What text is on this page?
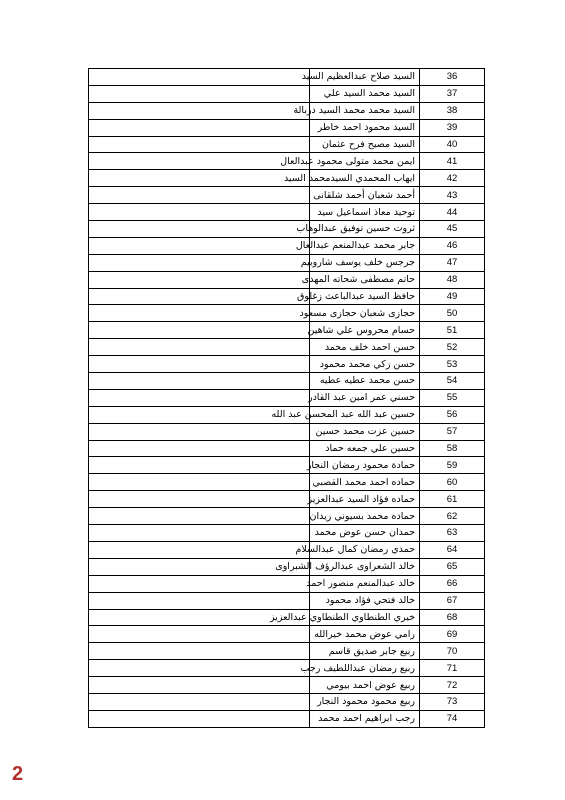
	السيد صلاح عبدالعظيم السيد	36
	السيد محمد السيد علي	37
	السيد محمد محمد السيد دربالة	38
	السيد محمود احمد خاطر	39
	السيد مصيح فرح عثمان	40
	ايمن محمد متولى محمود عبدالعال	41
	ايهاب المحمدي السيدمحمد السيد	42
	أحمد شعبان أحمد شلقانى	43
	توحيد معاذ اسماعيل سيد	44
	ثروت حسين توفيق عبدالوهاب	45
	جابر محمد عبدالمنعم عبدالعال	46
	جرجس خلف يوسف شاروبيم	47
	حاتم مصطفى شحاته المهدى	48
	حافظ السيد عبدالباعث زغلوق	49
	حجازى شعبان حجازى مسعود	50
	حسام محروس علي شاهين	51
	حسن احمد خلف محمد	52
	حسن زكي محمد محمود	53
	حسن محمد عطيه عطيه	54
	حسني عمر امين عبد القادر	55
	حسين عبد الله عبد المحسن عبد الله	56
	حسين عزت محمد حسين	57
	حسين علي جمعه حماد	58
	حمادة محمود رمضان النجار	59
	حماده احمد محمد القصبي	60
	حماده فؤاد السيد عبدالعزيز	61
	حماده محمد بسيوني زيدان	62
	حمدان حسن عوض محمد	63
	حمدي رمضان كمال عبدالسلام	64
	خالد الشعراوى عبدالرؤف الشبراوى	65
	خالد عبدالمنعم منصور احمد	66
	خالد فتحي فؤاد محمود	67
	خيري الطنطاوي الطنطاوي عبدالعزيز	68
	رامي عوض محمد خيرالله	69
	ربيع جابر صديق قاسم	70
	ربيع رمضان عبداللطيف رجب	71
	ربيع عوض احمد بيومي	72
	ربيع محمود محمود النجار	73
	رجب ابراهيم احمد محمد	74
2
